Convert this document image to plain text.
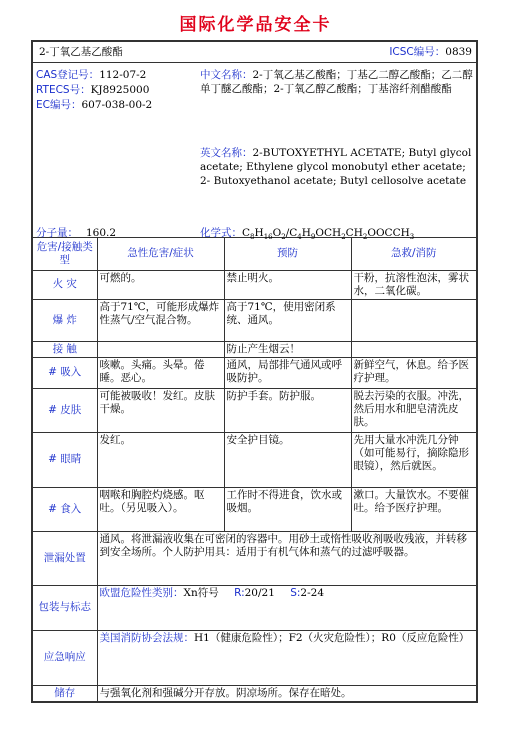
国际化学品安全卡
2-丁氧乙基乙酸酯	ICSC编号：0839
CAS登记号：112-07-2
RTECS号：KJ8925000
EC编号：607-038-00-2
中文名称：2-丁氧乙基乙酸酯；丁基乙二醇乙酸酯；乙二醇单丁醚乙酸酯；2-丁氧乙醇乙酸酯；丁基溶纤剂醋酸酯
英文名称：2-BUTOXYETHYL ACETATE; Butyl glycol acetate; Ethylene glycol monobutyl ether acetate; 2- Butoxyethanol acetate; Butyl cellosolve acetate
分子量： 160.2	化学式：$C_8H_{16}O_2/C_4H_9OCH_2CH_2OOCCH_3$
危害/接触类型	急性危害/症状	预防	急救/消防
火 灾	可燃的。	禁止明火。	干粉，抗溶性泡沫，雾状水，二氧化碳。
爆 炸	高于71℃，可能形成爆炸性蒸气/空气混合物。	高于71℃，使用密闭系统、通风。	
接 触		防止产生烟云！	
# 吸入	咳嗽。头痛。头晕。倦睡。恶心。	通风，局部排气通风或呼吸防护。	新鲜空气，休息。给予医疗护理。
# 皮肤	可能被吸收！发红。皮肤干燥。	防护手套。防护服。	脱去污染的衣服。冲洗，然后用水和肥皂清洗皮肤。
# 眼睛	发红。	安全护目镜。	先用大量水冲洗几分钟（如可能易行，摘除隐形眼镜），然后就医。
# 食入	咽喉和胸腔灼烧感。呕吐。（另见吸入）。	工作时不得进食，饮水或吸烟。	漱口。大量饮水。不要催吐。给予医疗护理。
泄漏处置	通风。将泄漏液收集在可密闭的容器中。用砂土或惰性吸收剂吸收残液，并转移到安全场所。个人防护用具：适用于有机气体和蒸气的过滤呼吸器。		
包装与标志	欧盟危险性类别：Xn符号 R:20/21 S:2-24		
应急响应	美国消防协会法规：H1（健康危险性）；F2（火灾危险性）；R0（反应危险性）		
储存	与强氧化剂和强碱分开存放。阴凉场所。保存在暗处。		
